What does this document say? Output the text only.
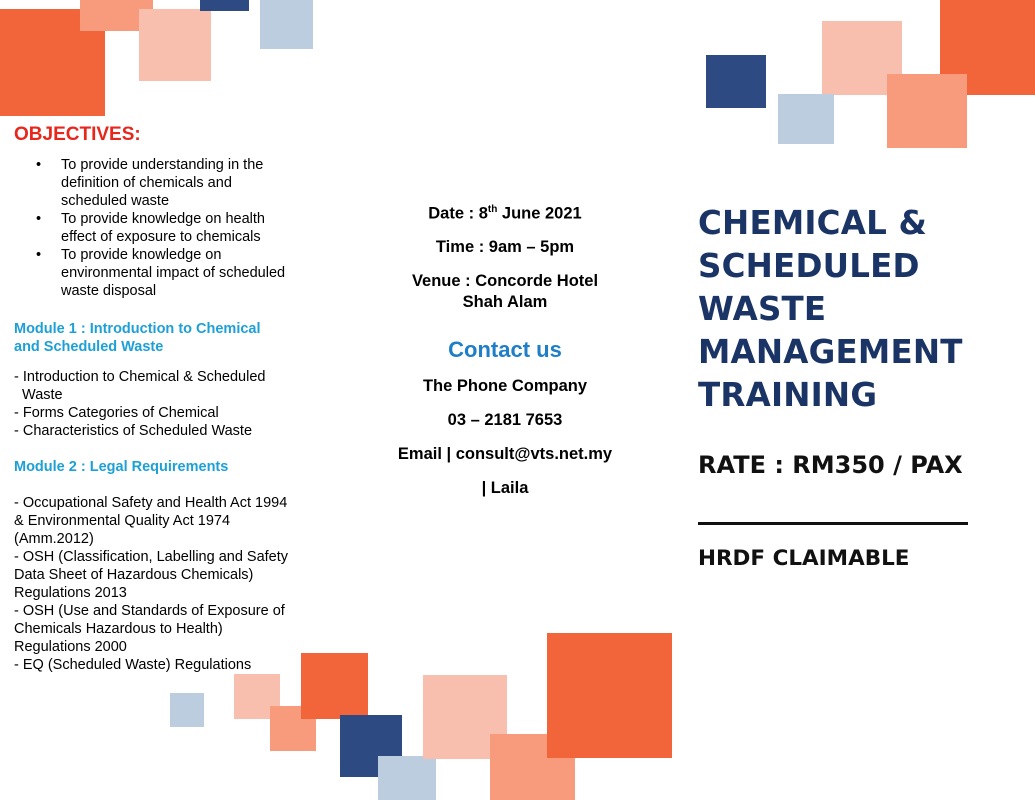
OBJECTIVES:
• To provide understanding in the definition of chemicals and scheduled waste
• To provide knowledge on health effect of exposure to chemicals
• To provide knowledge on environmental impact of scheduled waste disposal
Module 1 : Introduction to Chemical and Scheduled Waste
- Introduction to Chemical & Scheduled
Waste
- Forms Categories of Chemical
- Characteristics of Scheduled Waste
Module 2 : Legal Requirements
- Occupational Safety and Health Act 1994 & Environmental Quality Act 1974 (Amm.2012)
- OSH (Classification, Labelling and Safety Data Sheet of Hazardous Chemicals) Regulations 2013
- OSH (Use and Standards of Exposure of Chemicals Hazardous to Health) Regulations 2000
- EQ (Scheduled Waste) Regulations
Date : 8th June 2021
Time : 9am – 5pm
Venue : Concorde Hotel
Shah Alam
Contact us
The Phone Company
03 – 2181 7653
Email | consult@vts.net.my
| Laila
CHEMICAL &
SCHEDULED WASTE
MANAGEMENT
TRAINING
RATE : RM350 / PAX
HRDF CLAIMABLE
